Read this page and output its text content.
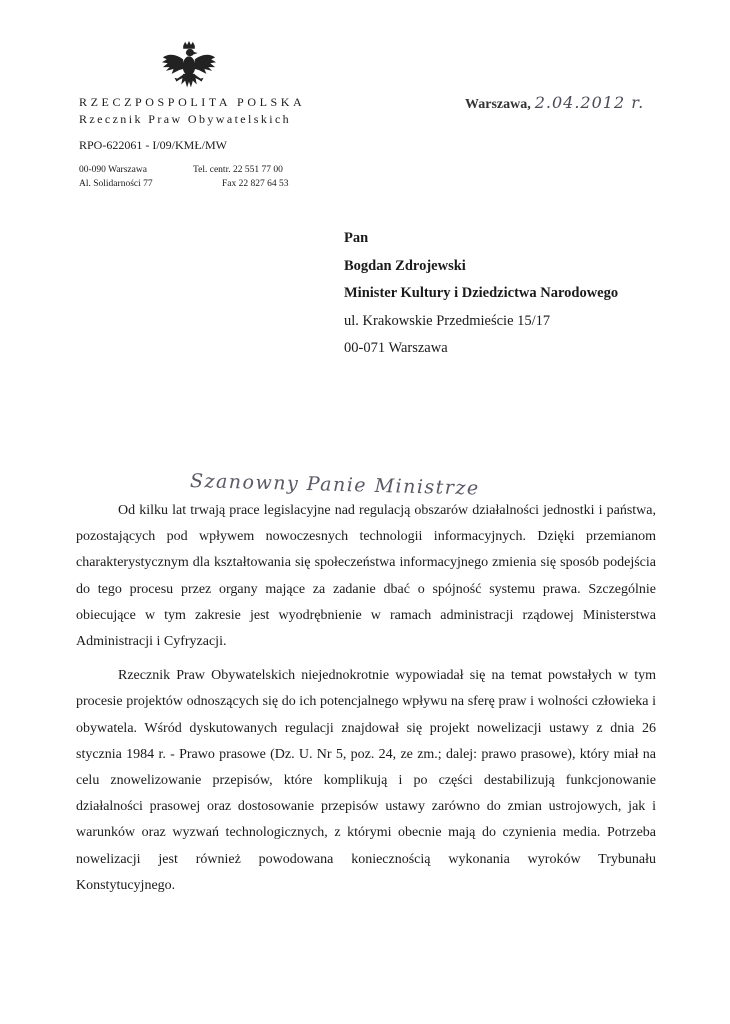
RZECZPOSPOLITA POLSKA
Rzecznik Praw Obywatelskich
RPO-622061 - I/09/KMŁ/MW
00-090 Warszawa
Al. Solidarności 77
Tel. centr. 22 551 77 00
Fax 22 827 64 53
Warszawa, 2.04.2012 r.
Pan
Bogdan Zdrojewski
Minister Kultury i Dziedzictwa Narodowego
ul. Krakowskie Przedmieście 15/17
00-071 Warszawa
Szanowny Panie Ministrze

Od kilku lat trwają prace legislacyjne nad regulacją obszarów działalności jednostki i państwa, pozostających pod wpływem nowoczesnych technologii informacyjnych. Dzięki przemianom charakterystycznym dla kształtowania się społeczeństwa informacyjnego zmienia się sposób podejścia do tego procesu przez organy mające za zadanie dbać o spójność systemu prawa. Szczególnie obiecujące w tym zakresie jest wyodrębnienie w ramach administracji rządowej Ministerstwa Administracji i Cyfryzacji.

Rzecznik Praw Obywatelskich niejednokrotnie wypowiadał się na temat powstałych w tym procesie projektów odnoszących się do ich potencjalnego wpływu na sferę praw i wolności człowieka i obywatela. Wśród dyskutowanych regulacji znajdował się projekt nowelizacji ustawy z dnia 26 stycznia 1984 r. - Prawo prasowe (Dz. U. Nr 5, poz. 24, ze zm.; dalej: prawo prasowe), który miał na celu znowelizowanie przepisów, które komplikują i po części destabilizują funkcjonowanie działalności prasowej oraz dostosowanie przepisów ustawy zarówno do zmian ustrojowych, jak i warunków oraz wyzwań technologicznych, z którymi obecnie mają do czynienia media. Potrzeba nowelizacji jest również powodowana koniecznością wykonania wyroków Trybunału Konstytucyjnego.
